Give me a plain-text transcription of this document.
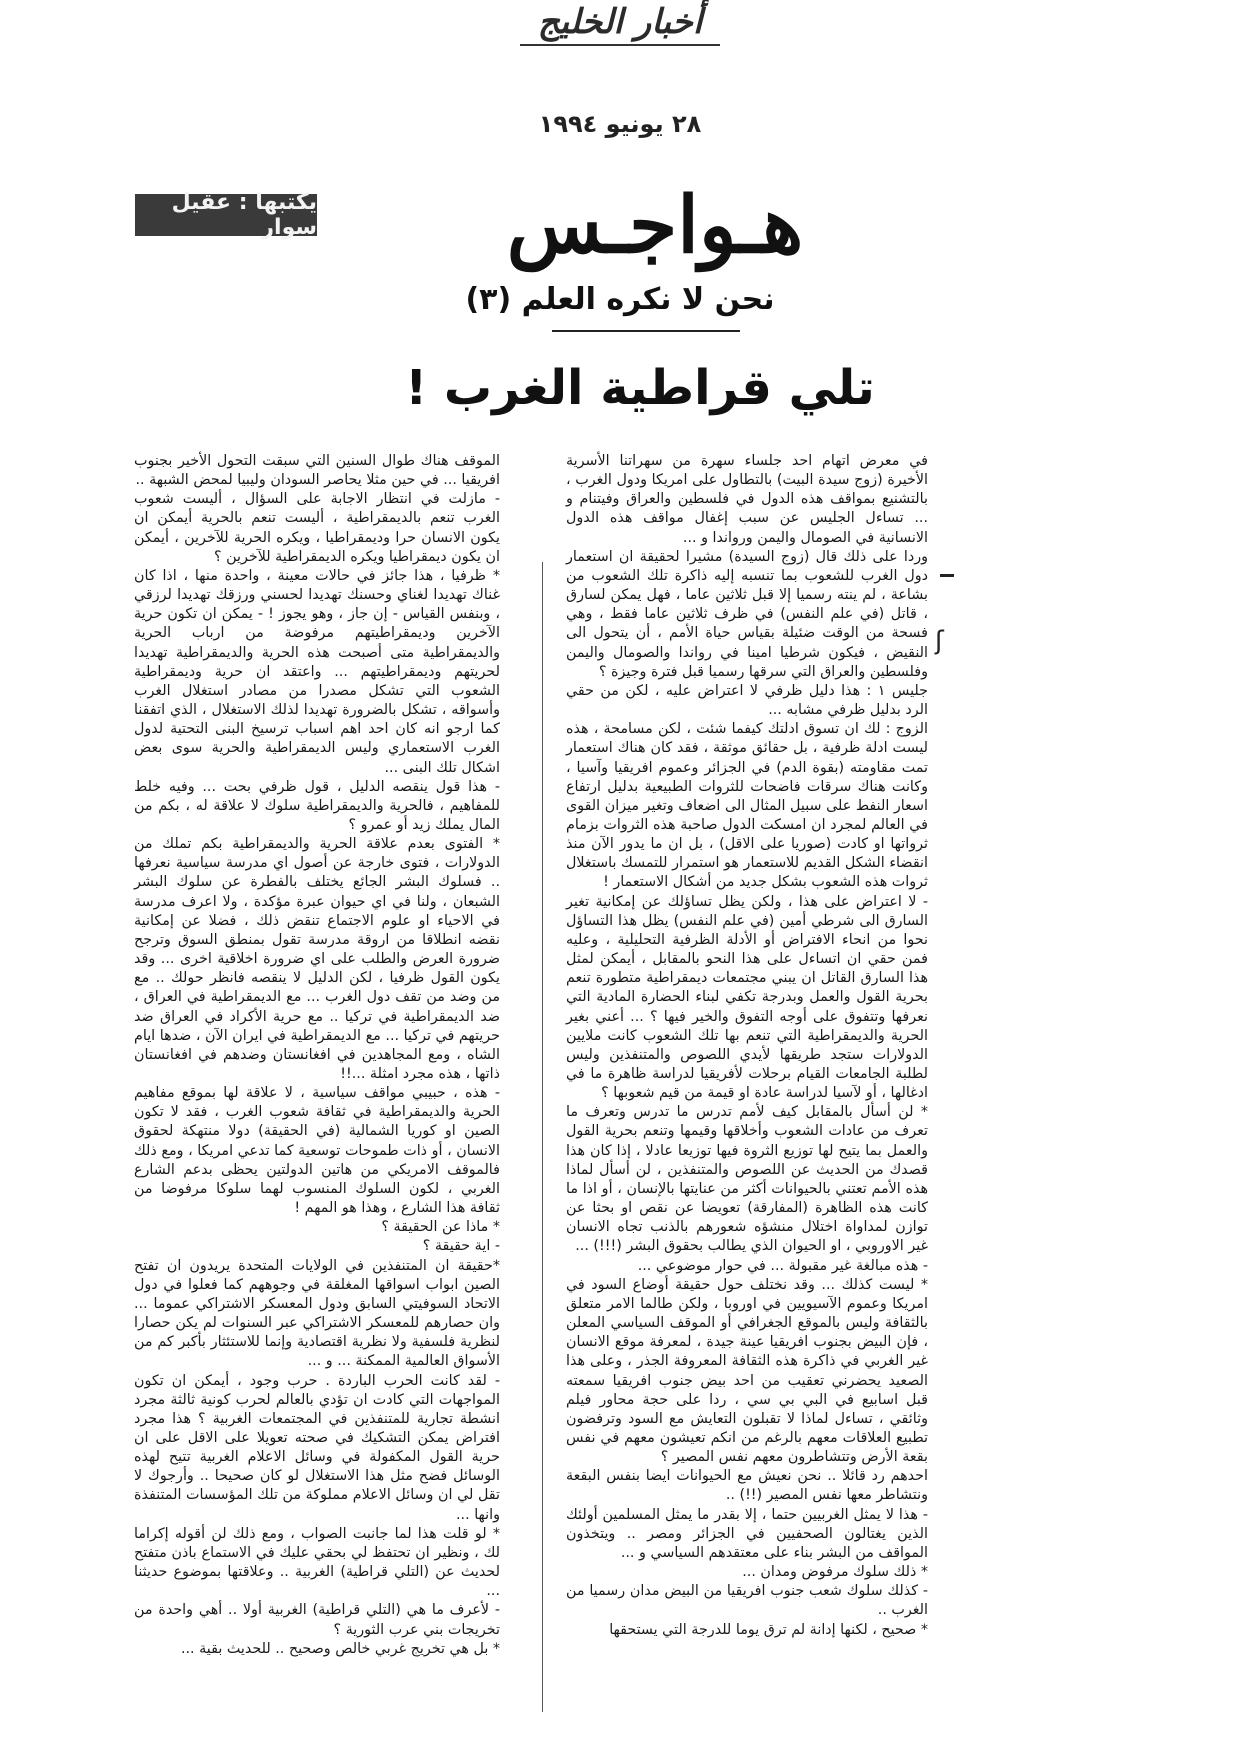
أخبار الخليج
٢٨ يونيو ١٩٩٤
يكتبها : عقيل سوار	هـواجـس
نحن لا نكره العلم (٣)
تلي قراطية الغرب !

في معرض اتهام احد جلساء سهرة من سهراتنا الأسرية الأخيرة (زوج سيدة البيت) بالتطاول على امريكا ودول الغرب ، بالتشنيع بمواقف هذه الدول في فلسطين والعراق وفيتنام و ... تساءل الجليس عن سبب إغفال مواقف هذه الدول الانسانية في الصومال واليمن ورواندا و ...

وردا على ذلك قال (زوج السيدة) مشيرا لحقيقة ان استعمار دول الغرب للشعوب بما تنسبه إليه ذاكرة تلك الشعوب من بشاعة ، لم ينته رسميا إلا قبل ثلاثين عاما ، فهل يمكن لسارق ، قاتل (في علم النفس) في ظرف ثلاثين عاما فقط ، وهي فسحة من الوقت ضئيلة بقياس حياة الأمم ، أن يتحول الى النقيض ، فيكون شرطيا امينا في رواندا والصومال واليمن وفلسطين والعراق التي سرقها رسميا قبل فترة وجيزة ؟

جليس ١ : هذا دليل ظرفي لا اعتراض عليه ، لكن من حقي الرد بدليل ظرفي مشابه ...

الزوج : لك ان تسوق ادلتك كيفما شئت ، لكن مسامحة ، هذه ليست ادلة ظرفية ، بل حقائق موثقة ، فقد كان هناك استعمار تمت مقاومته (بقوة الدم) في الجزائر وعموم افريقيا وآسيا ، وكانت هناك سرقات فاضحات للثروات الطبيعية بدليل ارتفاع اسعار النفط على سبيل المثال الى اضعاف وتغير ميزان القوى في العالم لمجرد ان امسكت الدول صاحبة هذه الثروات بزمام ثرواتها او كادت (صوريا على الاقل) ، بل ان ما يدور الآن منذ انقضاء الشكل القديم للاستعمار هو استمرار للتمسك باستغلال ثروات هذه الشعوب بشكل جديد من أشكال الاستعمار !

- لا اعتراض على هذا ، ولكن يظل تساؤلك عن إمكانية تغير السارق الى شرطي أمين (في علم النفس) يظل هذا التساؤل نحوا من انحاء الافتراض أو الأدلة الظرفية التحليلية ، وعليه فمن حقي ان اتساءل على هذا النحو بالمقابل ، أيمكن لمثل هذا السارق القاتل ان يبني مجتمعات ديمقراطية متطورة تنعم بحرية القول والعمل وبدرجة تكفي لبناء الحضارة المادية التي نعرفها وتتفوق على أوجه التفوق والخير فيها ؟ ... أعني بغير الحرية والديمقراطية التي تنعم بها تلك الشعوب كانت ملايين الدولارات ستجد طريقها لأيدي اللصوص والمتنفذين وليس لطلبة الجامعات القيام برحلات لأفريقيا لدراسة ظاهرة ما في ادغالها ، أو لآسيا لدراسة عادة او قيمة من قيم شعوبها ؟

* لن أسأل بالمقابل كيف لأمم تدرس ما تدرس وتعرف ما تعرف من عادات الشعوب وأخلاقها وقيمها وتنعم بحرية القول والعمل بما يتيح لها توزيع الثروة فيها توزيعا عادلا ، إذا كان هذا قصدك من الحديث عن اللصوص والمتنفذين ، لن أسأل لماذا هذه الأمم تعتني بالحيوانات أكثر من عنايتها بالإنسان ، أو اذا ما كانت هذه الظاهرة (المفارقة) تعويضا عن نقص او بحثا عن توازن لمداواة اختلال منشؤه شعورهم بالذنب تجاه الانسان غير الاوروبي ، او الحيوان الذي يطالب بحقوق البشر (!!!) ...

- هذه مبالغة غير مقبولة ... في حوار موضوعي ...

* ليست كذلك ... وقد نختلف حول حقيقة أوضاع السود في امريكا وعموم الآسيويين في اوروبا ، ولكن طالما الامر متعلق بالثقافة وليس بالموقع الجغرافي أو الموقف السياسي المعلن ، فإن البيض بجنوب افريقيا عينة جيدة ، لمعرفة موقع الانسان غير الغربي في ذاكرة هذه الثقافة المعروفة الجذر ، وعلى هذا الصعيد يحضرني تعقيب من احد بيض جنوب افريقيا سمعته قبل اسابيع في البي بي سي ، ردا على حجة محاور فيلم وثائقي ، تساءل لماذا لا تقبلون التعايش مع السود وترفضون تطبيع العلاقات معهم بالرغم من انكم تعيشون معهم في نفس بقعة الأرض وتتشاطرون معهم نفس المصير ؟

احدهم رد قائلا .. نحن نعيش مع الحيوانات ايضا بنفس البقعة ونتشاطر معها نفس المصير (!!) ..

- هذا لا يمثل الغربيين حتما ، إلا بقدر ما يمثل المسلمين أولئك الذين يغتالون الصحفيين في الجزائر ومصر .. ويتخذون المواقف من البشر بناء على معتقدهم السياسي و ...

* ذلك سلوك مرفوض ومدان ...

- كذلك سلوك شعب جنوب افريقيا من البيض مدان رسميا من الغرب ..

* صحيح ، لكنها إدانة لم ترق يوما للدرجة التي يستحقها

ʃ

الموقف هناك طوال السنين التي سبقت التحول الأخير بجنوب افريقيا ... في حين مثلا يحاصر السودان وليبيا لمحض الشبهة ..

- مازلت في انتظار الاجابة على السؤال ، أليست شعوب الغرب تنعم بالديمقراطية ، أليست تنعم بالحرية أيمكن ان يكون الانسان حرا وديمقراطيا ، ويكره الحرية للآخرين ، أيمكن ان يكون ديمقراطيا ويكره الديمقراطية للآخرين ؟

* ظرفيا ، هذا جائز في حالات معينة ، واحدة منها ، اذا كان غناك تهديدا لغناي وحسنك تهديدا لحسني ورزقك تهديدا لرزقي ، وبنفس القياس - إن جاز ، وهو يجوز ! - يمكن ان تكون حرية الآخرين وديمقراطيتهم مرفوضة من ارباب الحرية والديمقراطية متى أصبحت هذه الحرية والديمقراطية تهديدا لحريتهم وديمقراطيتهم ... واعتقد ان حرية وديمقراطية الشعوب التي تشكل مصدرا من مصادر استغلال الغرب وأسواقه ، تشكل بالضرورة تهديدا لذلك الاستغلال ، الذي اتفقنا كما ارجو انه كان احد اهم اسباب ترسيخ البنى التحتية لدول الغرب الاستعماري وليس الديمقراطية والحرية سوى بعض اشكال تلك البنى ...

- هذا قول ينقصه الدليل ، قول ظرفي بحت ... وفيه خلط للمفاهيم ، فالحرية والديمقراطية سلوك لا علاقة له ، بكم من المال يملك زيد أو عمرو ؟

* الفتوى بعدم علاقة الحرية والديمقراطية بكم تملك من الدولارات ، فتوى خارجة عن أصول اي مدرسة سياسية نعرفها .. فسلوك البشر الجائع يختلف بالفطرة عن سلوك البشر الشبعان ، ولنا في اي حيوان عبرة مؤكدة ، ولا اعرف مدرسة في الاحياء او علوم الاجتماع تنقض ذلك ، فضلا عن إمكانية نقضه انطلاقا من اروقة مدرسة تقول بمنطق السوق وترجح ضرورة العرض والطلب على اي ضرورة اخلاقية اخرى ... وقد يكون القول ظرفيا ، لكن الدليل لا ينقصه فانظر حولك .. مع من وضد من تقف دول الغرب ... مع الديمقراطية في العراق ، ضد الديمقراطية في تركيا .. مع حرية الأكراد في العراق ضد حريتهم في تركيا ... مع الديمقراطية في ايران الآن ، ضدها ايام الشاه ، ومع المجاهدين في افغانستان وضدهم في افغانستان ذاتها ، هذه مجرد امثلة ...!!

- هذه ، حبيبي مواقف سياسية ، لا علاقة لها بموقع مفاهيم الحرية والديمقراطية في ثقافة شعوب الغرب ، فقد لا تكون الصين او كوريا الشمالية (في الحقيقة) دولا منتهكة لحقوق الانسان ، أو ذات طموحات توسعية كما تدعي امريكا ، ومع ذلك فالموقف الامريكي من هاتين الدولتين يحظى بدعم الشارع الغربي ، لكون السلوك المنسوب لهما سلوكا مرفوضا من ثقافة هذا الشارع ، وهذا هو المهم !

* ماذا عن الحقيقة ؟

- اية حقيقة ؟

*حقيقة ان المتنفذين في الولايات المتحدة يريدون ان تفتح الصين ابواب اسواقها المغلقة في وجوههم كما فعلوا في دول الاتحاد السوفيتي السابق ودول المعسكر الاشتراكي عموما ... وان حصارهم للمعسكر الاشتراكي عبر السنوات لم يكن حصارا لنظرية فلسفية ولا نظرية اقتصادية وإنما للاستئثار بأكبر كم من الأسواق العالمية الممكنة ... و ...

- لقد كانت الحرب الباردة . حرب وجود ، أيمكن ان تكون المواجهات التي كادت ان تؤدي بالعالم لحرب كونية ثالثة مجرد انشطة تجارية للمتنفذين في المجتمعات الغربية ؟ هذا مجرد افتراض يمكن التشكيك في صحته تعويلا على الاقل على ان حرية القول المكفولة في وسائل الاعلام الغربية تتيح لهذه الوسائل فضح مثل هذا الاستغلال لو كان صحيحا .. وأرجوك لا تقل لي ان وسائل الاعلام مملوكة من تلك المؤسسات المتنفذة وانها ...

* لو قلت هذا لما جانبت الصواب ، ومع ذلك لن أقوله إكراما لك ، ونظير ان تحتفظ لي بحقي عليك في الاستماع باذن متفتح لحديث عن (التلي قراطية) الغربية .. وعلاقتها بموضوع حديثنا ...

- لأعرف ما هي (التلي قراطية) الغربية أولا .. أهي واحدة من تخريجات بني عرب الثورية ؟

* بل هي تخريج غربي خالص وصحيح .. للحديث بقية ...
